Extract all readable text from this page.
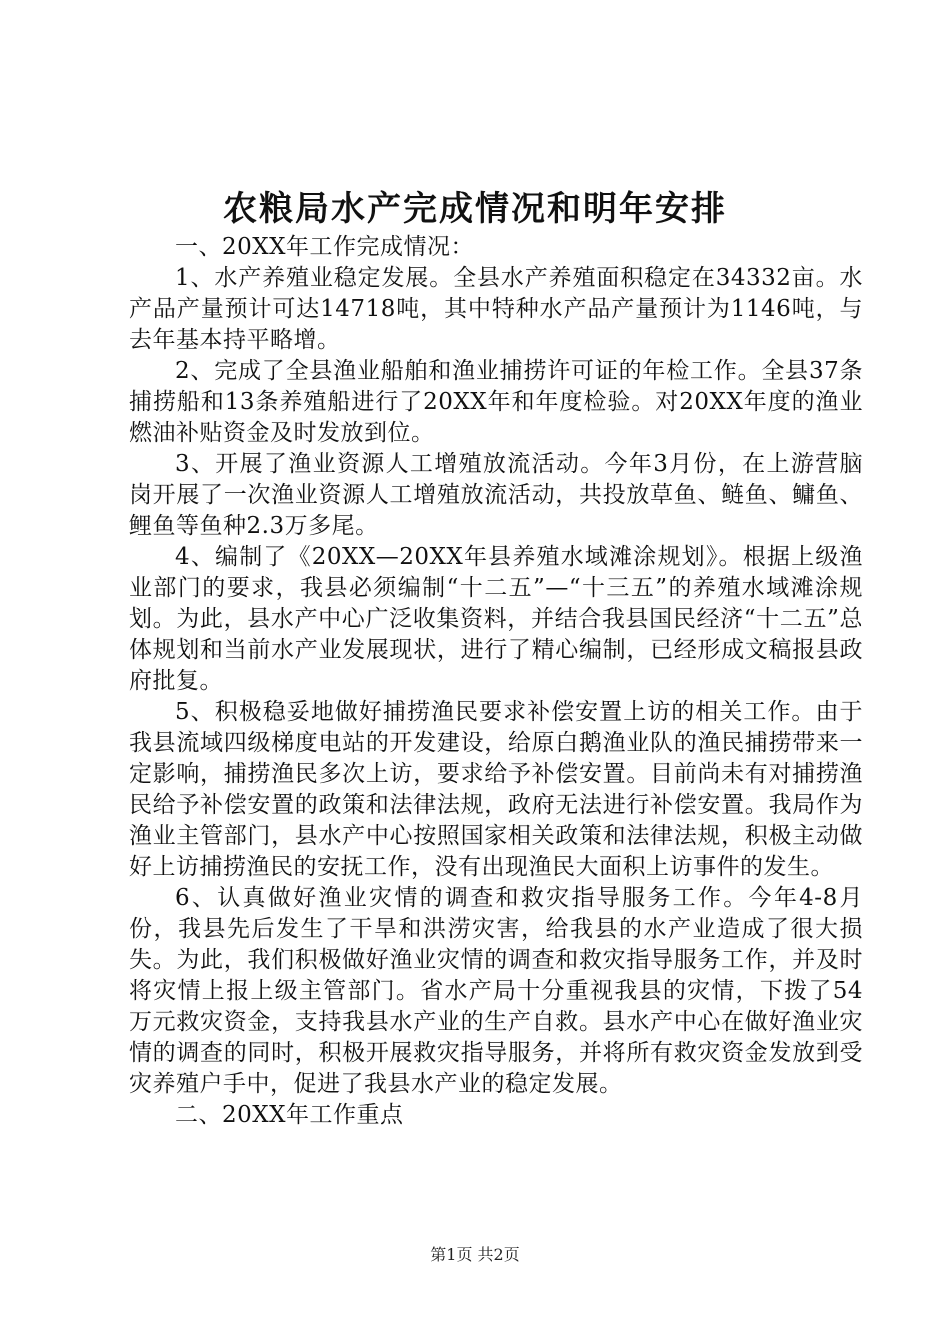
农粮局水产完成情况和明年安排

一、20XX年工作完成情况：

1、水产养殖业稳定发展。全县水产养殖面积稳定在34332亩。水产品产量预计可达14718吨，其中特种水产品产量预计为1146吨，与去年基本持平略增。

2、完成了全县渔业船舶和渔业捕捞许可证的年检工作。全县37条捕捞船和13条养殖船进行了20XX年和年度检验。对20XX年度的渔业燃油补贴资金及时发放到位。

3、开展了渔业资源人工增殖放流活动。今年3月份，在上游营脑岗开展了一次渔业资源人工增殖放流活动，共投放草鱼、鲢鱼、鳙鱼、鲤鱼等鱼种2.3万多尾。

4、编制了《20XX—20XX年县养殖水域滩涂规划》。根据上级渔业部门的要求，我县必须编制“十二五”—“十三五”的养殖水域滩涂规划。为此，县水产中心广泛收集资料，并结合我县国民经济“十二五”总体规划和当前水产业发展现状，进行了精心编制，已经形成文稿报县政府批复。

5、积极稳妥地做好捕捞渔民要求补偿安置上访的相关工作。由于我县流域四级梯度电站的开发建设，给原白鹅渔业队的渔民捕捞带来一定影响，捕捞渔民多次上访，要求给予补偿安置。目前尚未有对捕捞渔民给予补偿安置的政策和法律法规，政府无法进行补偿安置。我局作为渔业主管部门，县水产中心按照国家相关政策和法律法规，积极主动做好上访捕捞渔民的安抚工作，没有出现渔民大面积上访事件的发生。

6、认真做好渔业灾情的调查和救灾指导服务工作。今年4-8月份，我县先后发生了干旱和洪涝灾害，给我县的水产业造成了很大损失。为此，我们积极做好渔业灾情的调查和救灾指导服务工作，并及时将灾情上报上级主管部门。省水产局十分重视我县的灾情，下拨了54万元救灾资金，支持我县水产业的生产自救。县水产中心在做好渔业灾情的调查的同时，积极开展救灾指导服务，并将所有救灾资金发放到受灾养殖户手中，促进了我县水产业的稳定发展。

二、20XX年工作重点

第1页 共2页
